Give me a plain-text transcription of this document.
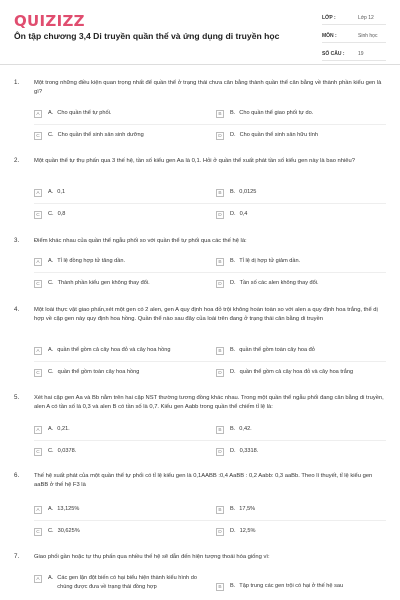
QUIZIZZ
Ôn tập chương 3,4 Di truyền quần thể và ứng dụng di truyền học
LỚP :	Lớp 12
MÔN :	Sinh học
SỐ CÂU :	19
1.	Một trong những điều kiện quan trọng nhất để quần thể ở trạng thái chưa cân bằng thành quần thể cân bằng về thành phần kiểu gen là gì?
A	A. Cho quần thể tự phối.	B	B. Cho quần thể giao phối tự do.
C	C. Cho quần thể sinh sản sinh dưỡng	D	D. Cho quần thể sinh sản hữu tính
2.	Một quần thể tự thụ phấn qua 3 thế hệ, tần số kiểu gen Aa là 0,1. Hỏi ở quần thể xuất phát tần số kiểu gen này là bao nhiêu?
A	A. 0,1	B	B. 0,0125
C	C. 0,8	D	D. 0,4
3.	Điểm khác nhau của quần thể ngẫu phối so với quần thể tự phối qua các thế hệ là:
A	A. Tỉ lệ đồng hợp tử tăng dần.	B	B. Tỉ lệ dị hợp tử giảm dần.
C	C. Thành phần kiểu gen không thay đổi.	D	D. Tần số các alen không thay đổi.
4.	Một loài thực vật giao phấn,xét một gen có 2 alen, gen A quy định hoa đỏ trội không hoàn toàn so với alen a quy định hoa trắng, thể dị hợp về cặp gen này quy định hoa hồng. Quần thể nào sau đây của loài trên đang ở trạng thái cân bằng di truyền
A	A. quần thể gồm cả cây hoa đỏ và cây hoa hồng	B	B. quần thể gồm toàn cây hoa đỏ
C	C. quần thể gồm toàn cây hoa hồng	D	D. quần thể gồm cả cây hoa đỏ và cây hoa trắng
5.	Xét hai cặp gen Aa và Bb nằm trên hai cặp NST thường tương đồng khác nhau. Trong một quần thể ngẫu phối đang cân bằng di truyền, alen A có tần số là 0,3 và alen B có tần số là 0,7. Kiểu gen Aabb trong quần thể chiếm tỉ lệ là:
A	A. 0,21.	B	B. 0,42.
C	C. 0,0378.	D	D. 0,3318.
6.	Thế hệ xuất phát của một quần thể tự phối có tỉ lệ kiểu gen là 0,1AABB :0,4 AaBB : 0,2 Aabb: 0,3 aaBb. Theo lí thuyết, tỉ lệ kiểu gen aaBB ở thế hệ F3 là
A	A. 13,125%	B	B. 17,5%
C	C. 30,625%	D	D. 12,5%
7.	Giao phối gần hoặc tự thụ phấn qua nhiều thế hệ sẽ dẫn đến hiện tượng thoái hóa giống vì:
A	A. Các gen lặn đột biến có hại biểu hiện thành kiểu hình do chúng được đưa về trạng thái đồng hợp	B	B. Tập trung các gen trội có hại ở thế hệ sau
